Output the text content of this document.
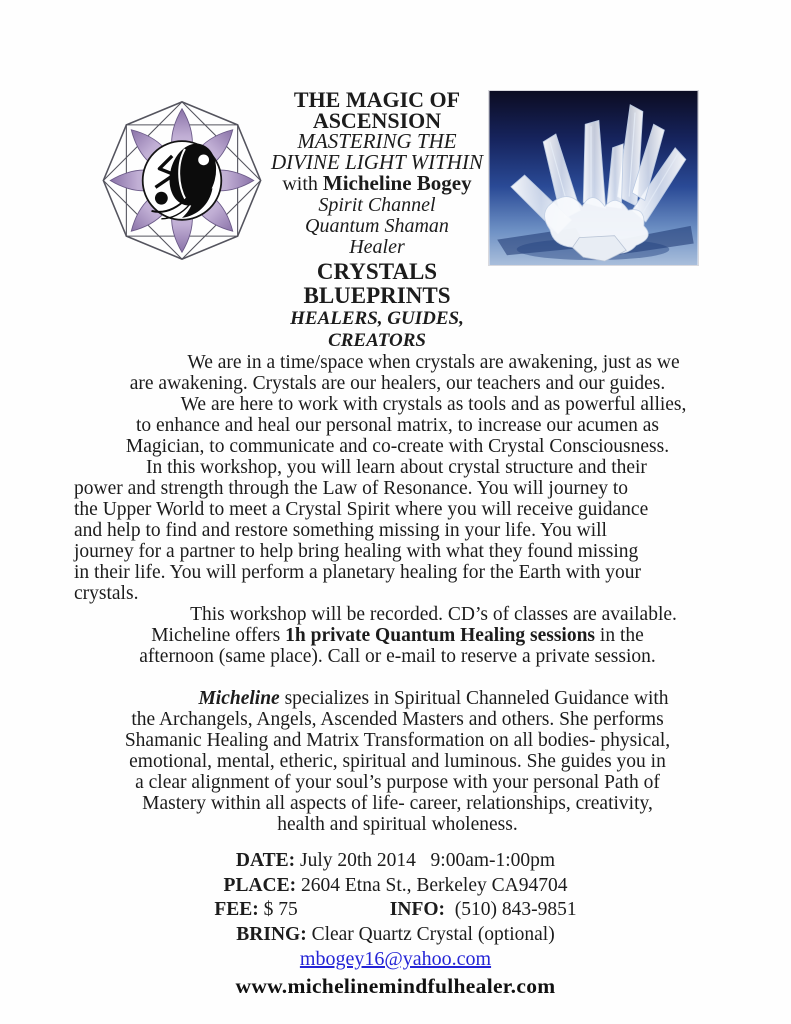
THE MAGIC OF
ASCENSION
MASTERING THE
DIVINE LIGHT WITHIN
with Micheline Bogey
Spirit Channel
Quantum Shaman
Healer
CRYSTALS BLUEPRINTS
HEALERS, GUIDES, CREATORS
We are in a time/space when crystals are awakening, just as we
are awakening. Crystals are our healers, our teachers and our guides.
We are here to work with crystals as tools and as powerful allies,
to enhance and heal our personal matrix, to increase our acumen as
Magician, to communicate and co-create with Crystal Consciousness.
In this workshop, you will learn about crystal structure and their
power and strength through the Law of Resonance. You will journey to
the Upper World to meet a Crystal Spirit where you will receive guidance
and help to find and restore something missing in your life. You will
journey for a partner to help bring healing with what they found missing
in their life. You will perform a planetary healing for the Earth with your
crystals.
This workshop will be recorded. CD’s of classes are available.
Micheline offers 1h private Quantum Healing sessions in the
afternoon (same place). Call or e-mail to reserve a private session.
Micheline specializes in Spiritual Channeled Guidance with
the Archangels, Angels, Ascended Masters and others. She performs
Shamanic Healing and Matrix Transformation on all bodies- physical,
emotional, mental, etheric, spiritual and luminous. She guides you in
a clear alignment of your soul’s purpose with your personal Path of
Mastery within all aspects of life- career, relationships, creativity,
health and spiritual wholeness.
DATE: July 20th 2014   9:00am-1:00pm
PLACE: 2604 Etna St., Berkeley CA94704
FEE: $ 75	INFO:  (510) 843-9851
BRING: Clear Quartz Crystal (optional)
mbogey16@yahoo.com
www.michelinemindfulhealer.com
